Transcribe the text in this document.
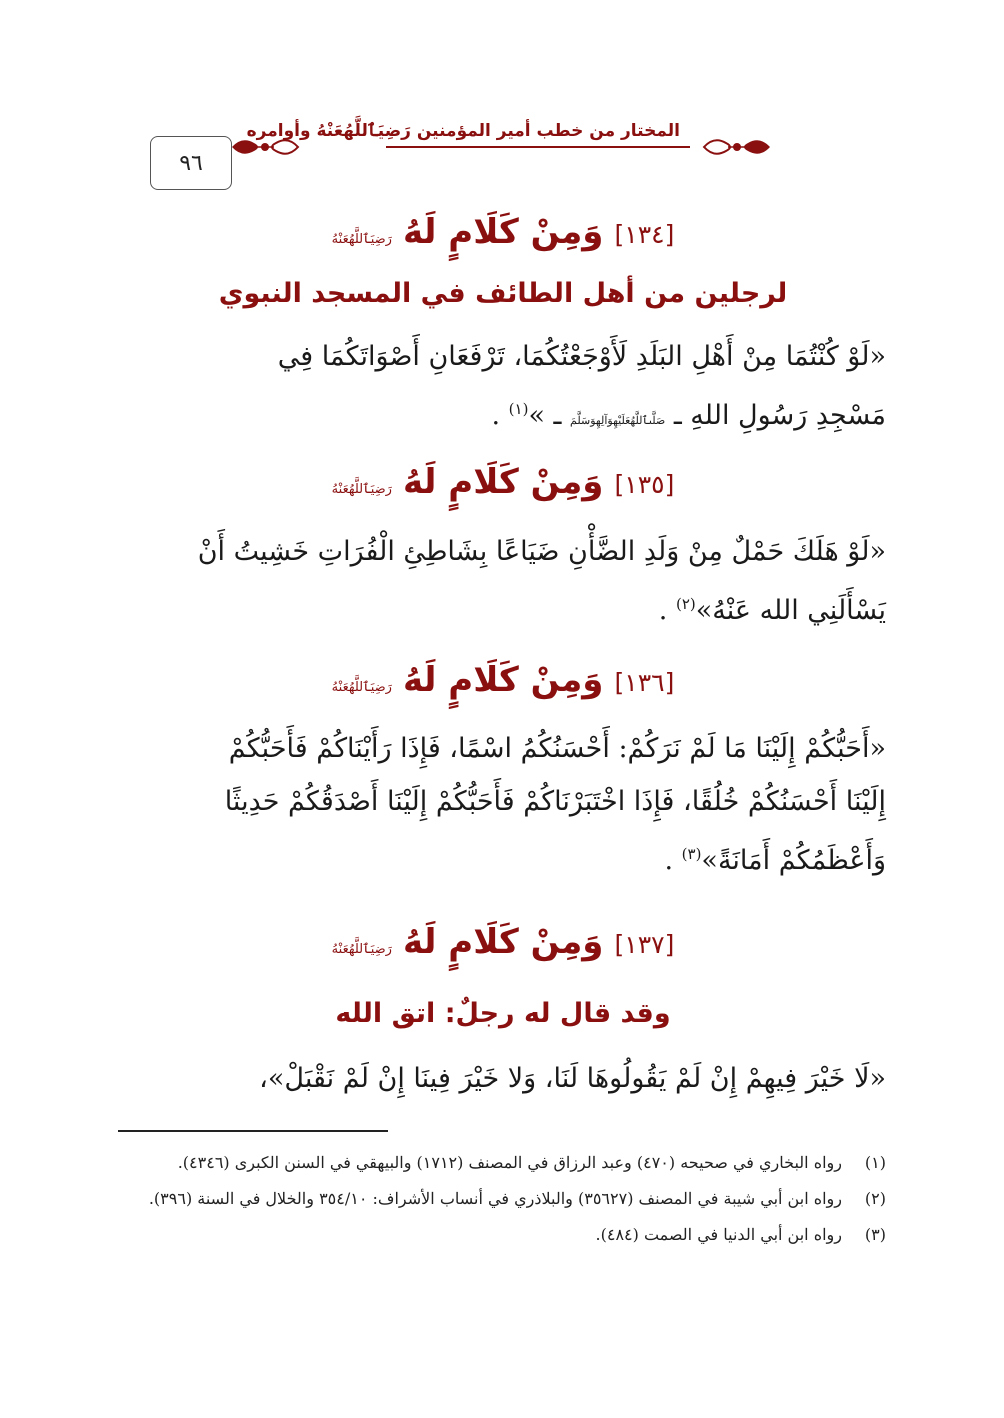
٩٦
المختار من خطب أمير المؤمنين رَضِيَٱللَّهُعَنْهُ وأوامره
[١٣٤] وَمِنْ كَلَامٍ لَهُ رَضِيَٱللَّهُعَنْهُ
لرجلين من أهل الطائف في المسجد النبوي
«لَوْ كُنْتُمَا مِنْ أَهْلِ البَلَدِ لَأَوْجَعْتُكُمَا، تَرْفَعَانِ أَصْوَاتَكُمَا فِي
مَسْجِدِ رَسُولِ اللهِ ـ صَلَّىٱللَّهُعَلَيْهِوَآلِهِوَسَلَّمَ ـ »$^{(١)}$ .
[١٣٥] وَمِنْ كَلَامٍ لَهُ رَضِيَٱللَّهُعَنْهُ
«لَوْ هَلَكَ حَمْلٌ مِنْ وَلَدِ الضَّأْنِ ضَيَاعًا بِشَاطِئِ الْفُرَاتِ خَشِيتُ أَنْ
يَسْأَلَنِي الله عَنْهُ»$^{(٢)}$ .
[١٣٦] وَمِنْ كَلَامٍ لَهُ رَضِيَٱللَّهُعَنْهُ
«أَحَبُّكُمْ إِلَيْنَا مَا لَمْ نَرَكُمْ: أَحْسَنُكُمُ اسْمًا، فَإِذَا رَأَيْنَاكُمْ فَأَحَبُّكُمْ
إِلَيْنَا أَحْسَنُكُمْ خُلُقًا، فَإِذَا اخْتَبَرْنَاكُمْ فَأَحَبُّكُمْ إِلَيْنَا أَصْدَقُكُمْ حَدِيثًا
وَأَعْظَمُكُمْ أَمَانَةً»$^{(٣)}$ .
[١٣٧] وَمِنْ كَلَامٍ لَهُ رَضِيَٱللَّهُعَنْهُ
وقد قال له رجلٌ: اتق الله
«لَا خَيْرَ فِيهِمْ إِنْ لَمْ يَقُولُوهَا لَنَا، وَلا خَيْرَ فِينَا إِنْ لَمْ نَقْبَلْ»،
(١)رواه البخاري في صحيحه (٤٧٠) وعبد الرزاق في المصنف (١٧١٢) والبيهقي في السنن الكبرى (٤٣٤٦).
(٢)رواه ابن أبي شيبة في المصنف (٣٥٦٢٧) والبلاذري في أنساب الأشراف: ٣٥٤/١٠ والخلال في السنة (٣٩٦).
(٣)رواه ابن أبي الدنيا في الصمت (٤٨٤).
